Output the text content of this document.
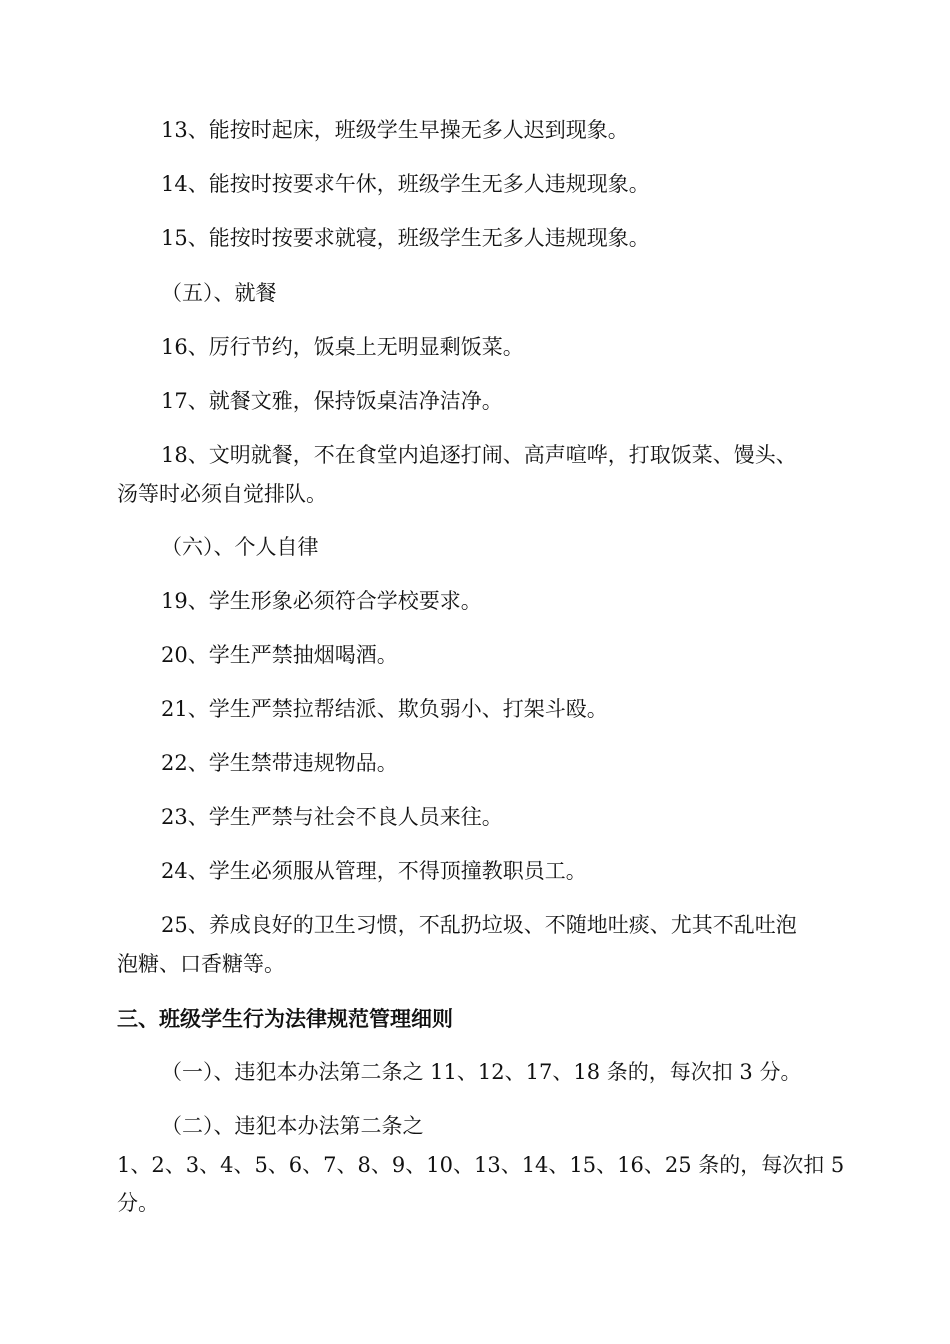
13、能按时起床，班级学生早操无多人迟到现象。

14、能按时按要求午休，班级学生无多人违规现象。

15、能按时按要求就寝，班级学生无多人违规现象。

（五）、就餐

16、厉行节约，饭桌上无明显剩饭菜。

17、就餐文雅，保持饭桌洁净洁净。

18、文明就餐，不在食堂内追逐打闹、高声喧哗，打取饭菜、馒头、

汤等时必须自觉排队。

（六）、个人自律

19、学生形象必须符合学校要求。

20、学生严禁抽烟喝酒。

21、学生严禁拉帮结派、欺负弱小、打架斗殴。

22、学生禁带违规物品。

23、学生严禁与社会不良人员来往。

24、学生必须服从管理，不得顶撞教职员工。

25、养成良好的卫生习惯，不乱扔垃圾、不随地吐痰、尤其不乱吐泡

泡糖、口香糖等。

三、班级学生行为法律规范管理细则

（一）、违犯本办法第二条之 11、12、17、18 条的，每次扣 3 分。

（二）、违犯本办法第二条之

1、2、3、4、5、6、7、8、9、10、13、14、15、16、25 条的，每次扣 5

分。
